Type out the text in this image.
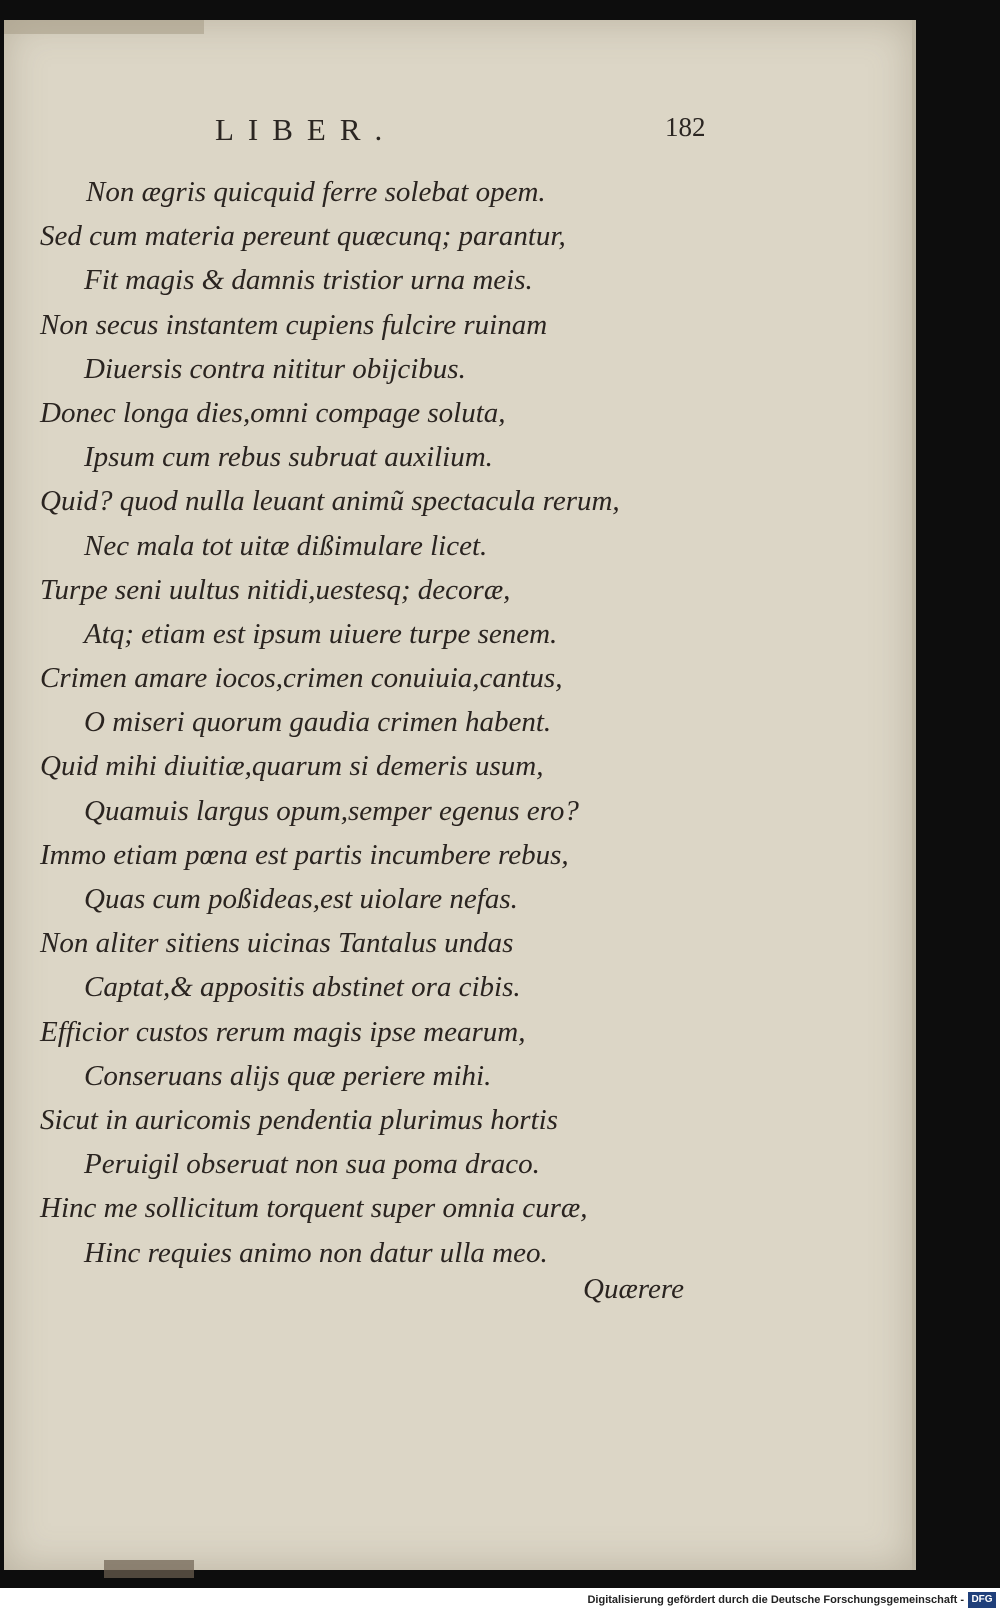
LIBER.	182
Non ægris quicquid ferre solebat opem.
Sed cum materia pereunt quæcunq; parantur,
Fit magis & damnis tristior urna meis.
Non secus instantem cupiens fulcire ruinam
Diuersis contra nititur obijcibus.
Donec longa dies,omni compage soluta,
Ipsum cum rebus subruat auxilium.
Quid? quod nulla leuant animũ spectacula rerum,
Nec mala tot uitæ dißimulare licet.
Turpe seni uultus nitidi,uestesq; decoræ,
Atq; etiam est ipsum uiuere turpe senem.
Crimen amare iocos,crimen conuiuia,cantus,
O miseri quorum gaudia crimen habent.
Quid mihi diuitiæ,quarum si demeris usum,
Quamuis largus opum,semper egenus ero?
Immo etiam pœna est partis incumbere rebus,
Quas cum poßideas,est uiolare nefas.
Non aliter sitiens uicinas Tantalus undas
Captat,& appositis abstinet ora cibis.
Efficior custos rerum magis ipse mearum,
Conseruans alijs quæ periere mihi.
Sicut in auricomis pendentia plurimus hortis
Peruigil obseruat non sua poma draco.
Hinc me sollicitum torquent super omnia curæ,
Hinc requies animo non datur ulla meo.
Quærere
Digitalisierung gefördert durch die Deutsche Forschungsgemeinschaft - DFG
